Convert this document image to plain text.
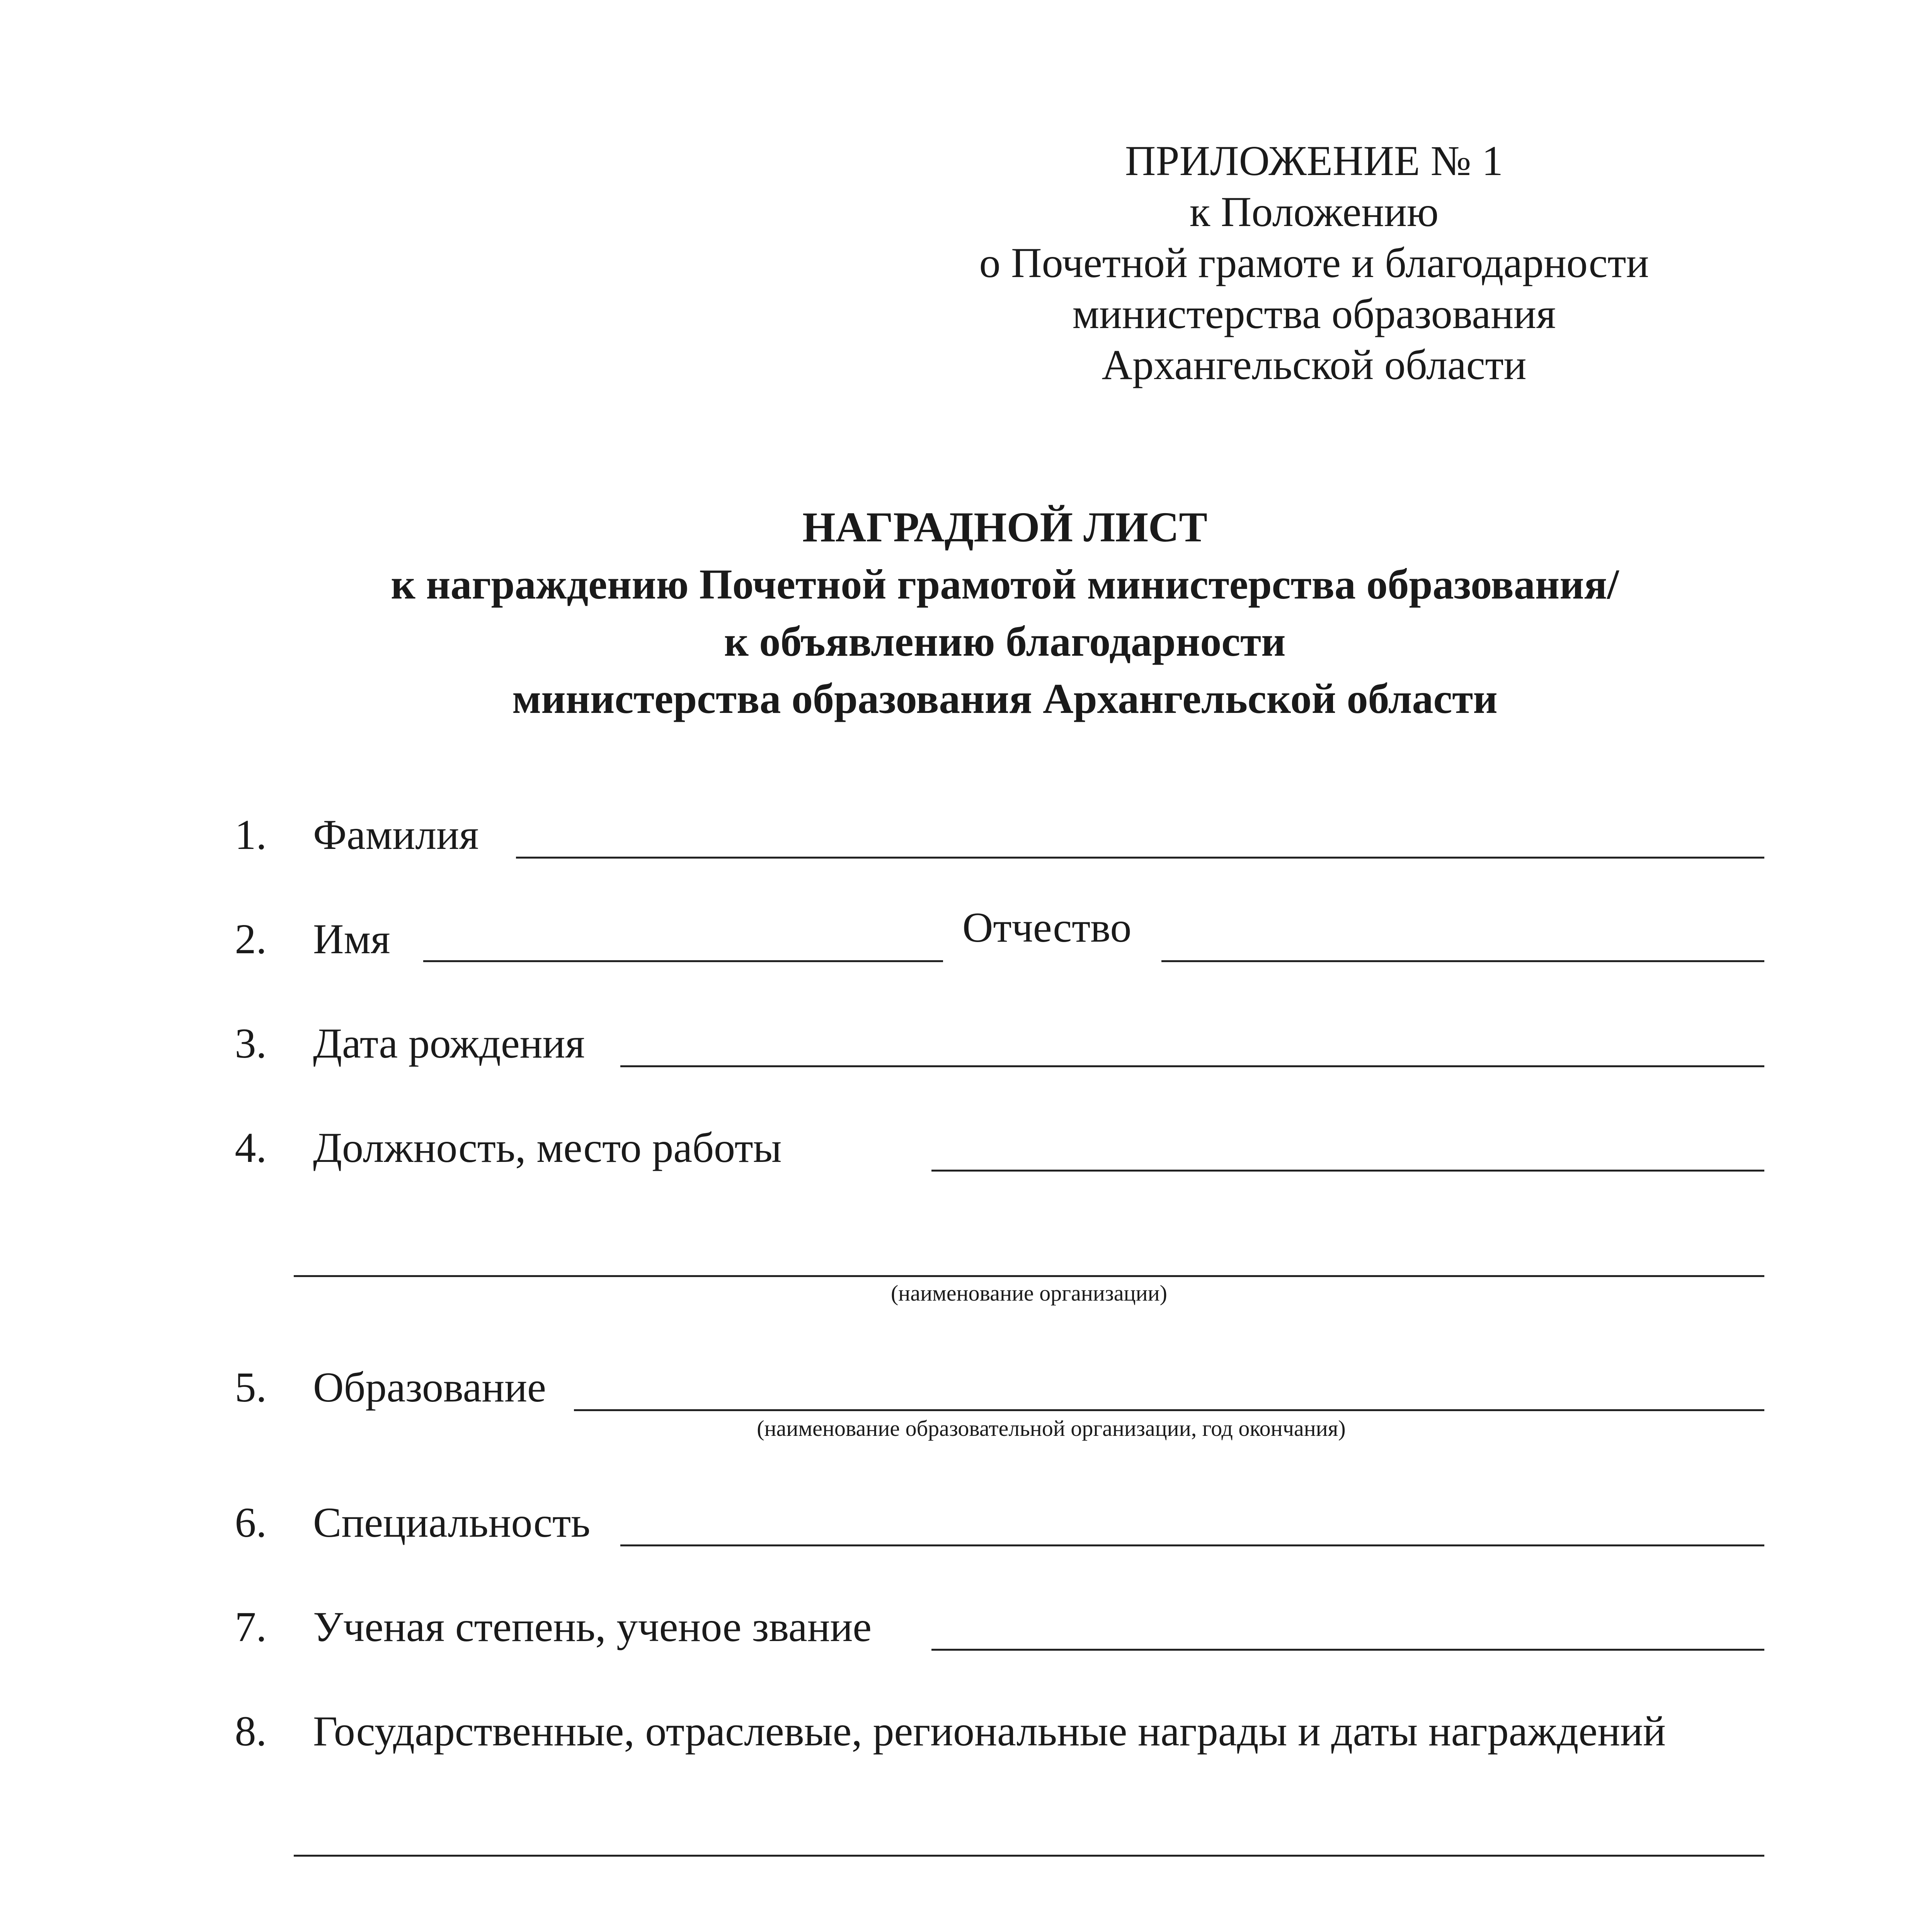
ПРИЛОЖЕНИЕ № 1
к Положению
о Почетной грамоте и благодарности
министерства образования
Архангельской области
НАГРАДНОЙ ЛИСТ
к награждению Почетной грамотой министерства образования/
к объявлению благодарности
министерства образования Архангельской области
1. Фамилия
2. Имя	Отчество
3. Дата рождения
4. Должность, место работы
(наименование организации)
5. Образование
(наименование образовательной организации, год окончания)
6. Специальность
7. Ученая степень, ученое звание
8. Государственные, отраслевые, региональные награды и даты награждений
